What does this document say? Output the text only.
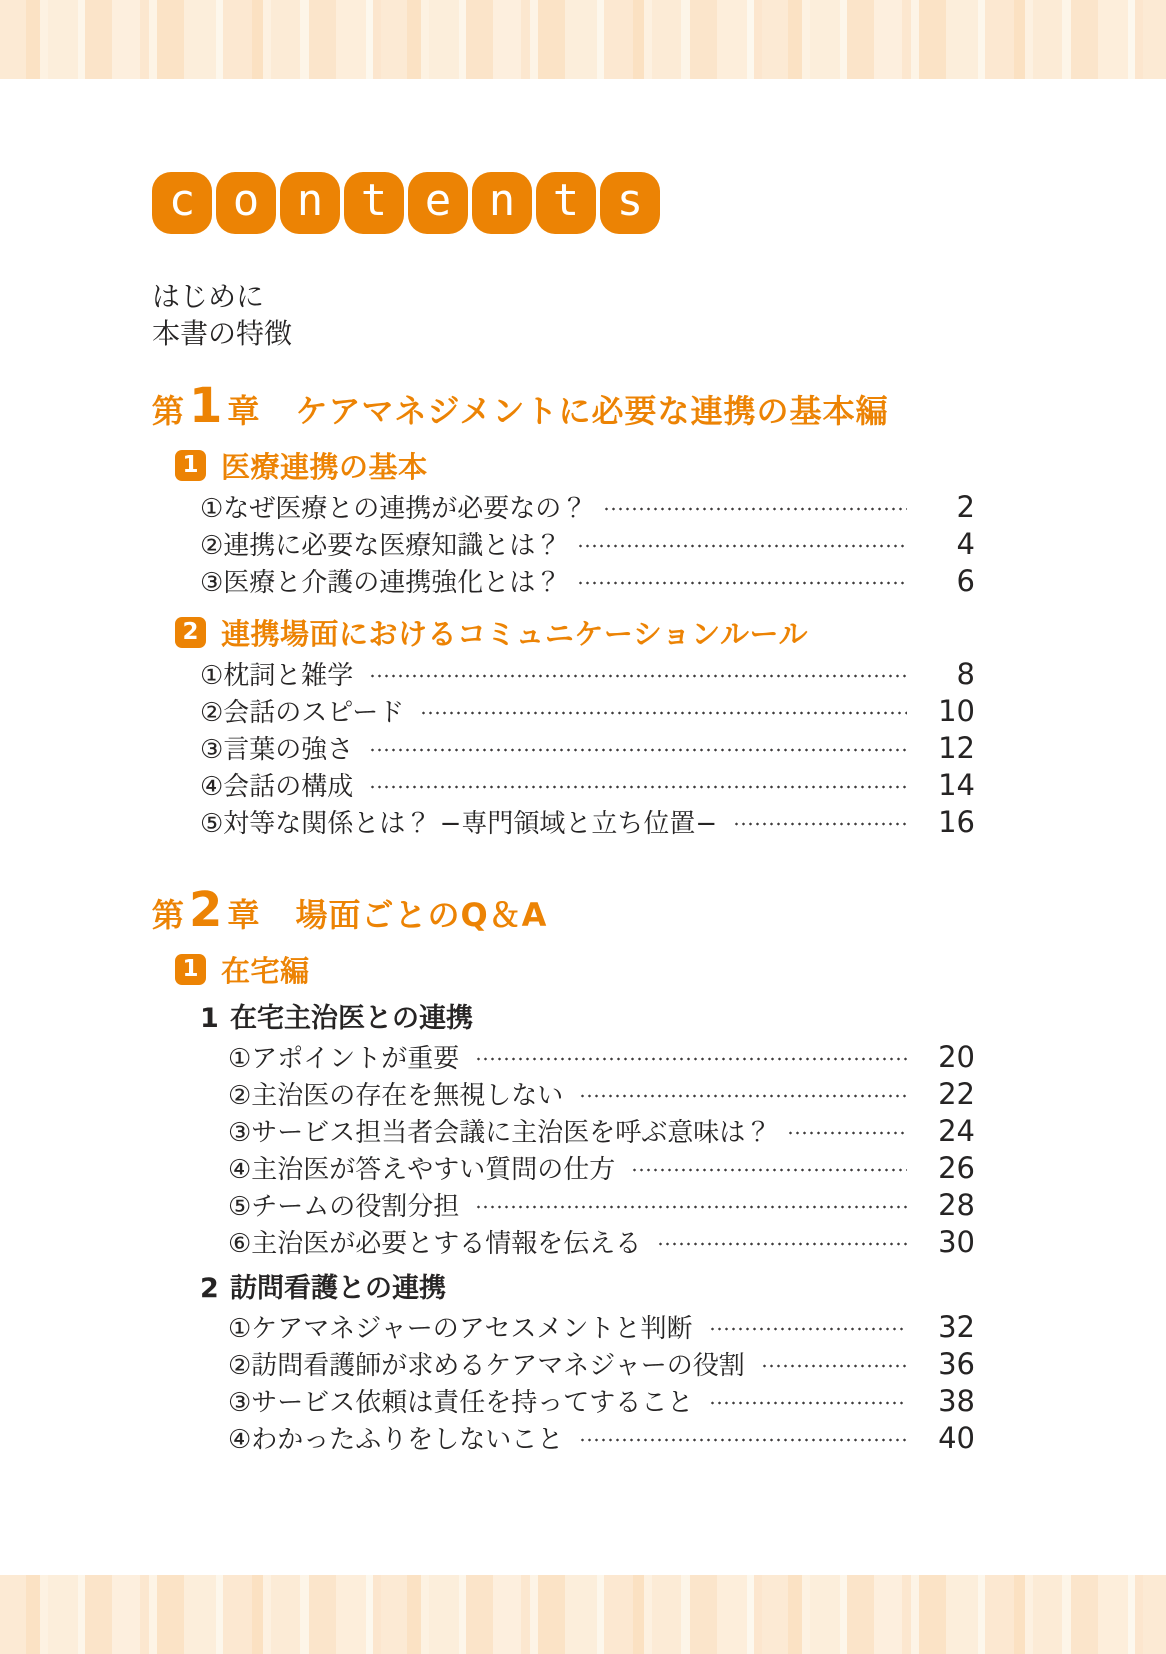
c o n t e n t s
はじめに
本書の特徴
第 1 章 ケアマネジメントに必要な連携の基本編
1 医療連携の基本
①なぜ医療との連携が必要なの？	2
②連携に必要な医療知識とは？	4
③医療と介護の連携強化とは？	6
2 連携場面におけるコミュニケーションルール
①枕詞と雑学	8
②会話のスピード	10
③言葉の強さ	12
④会話の構成	14
⑤対等な関係とは？ −専門領域と立ち位置−	16
第 2 章 場面ごとのQ＆A
1 在宅編
1 在宅主治医との連携
①アポイントが重要	20
②主治医の存在を無視しない	22
③サービス担当者会議に主治医を呼ぶ意味は？	24
④主治医が答えやすい質問の仕方	26
⑤チームの役割分担	28
⑥主治医が必要とする情報を伝える	30
2 訪問看護との連携
①ケアマネジャーのアセスメントと判断	32
②訪問看護師が求めるケアマネジャーの役割	36
③サービス依頼は責任を持ってすること	38
④わかったふりをしないこと	40
